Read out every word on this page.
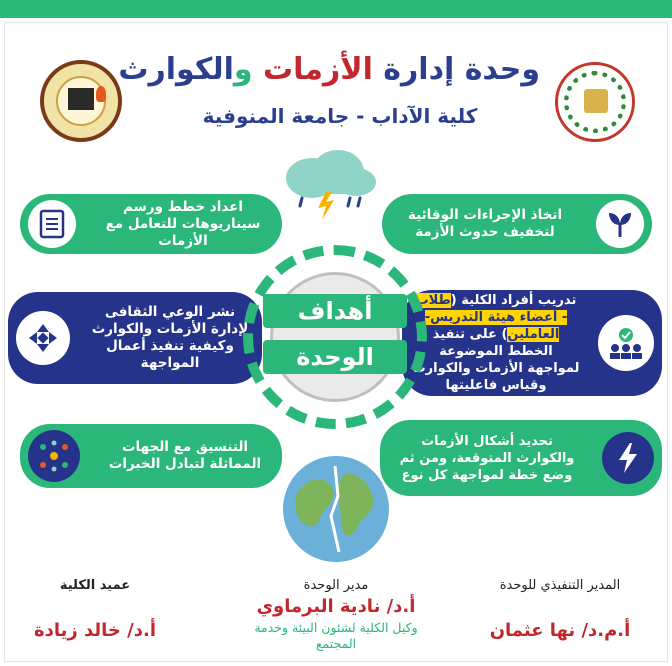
وحدة إدارة الأزمات والكوارث
كلية الآداب - جامعة المنوفية
اتخاذ الإجراءات الوقائية لتخفيف حدوث الأزمة
اعداد خطط ورسم سيناريوهات للتعامل مع الأزمات
تدريب أفراد الكلية (طلاب - أعضاء هيئة التدريس- العاملين) على تنفيذ الخطط الموضوعة لمواجهة الأزمات والكوارث وقياس فاعليتها
نشر الوعي الثقافى لإدارة الأزمات والكوارث وكيفية تنفيذ أعمال المواجهة
تحديد أشكال الأزمات والكوارث المتوقعة، ومن ثم وضع خطة لمواجهة كل نوع
التنسيق مع الجهات المماثلة لتبادل الخبرات
أهداف
الوحدة
المدير التنفيذي للوحدة
أ.م.د/ نها عثمان
مدير الوحدة
أ.د/ نادية البرماوي
وكيل الكلية لشئون البيئة وخدمة المجتمع
عميد الكلية
أ.د/ خالد زيادة
